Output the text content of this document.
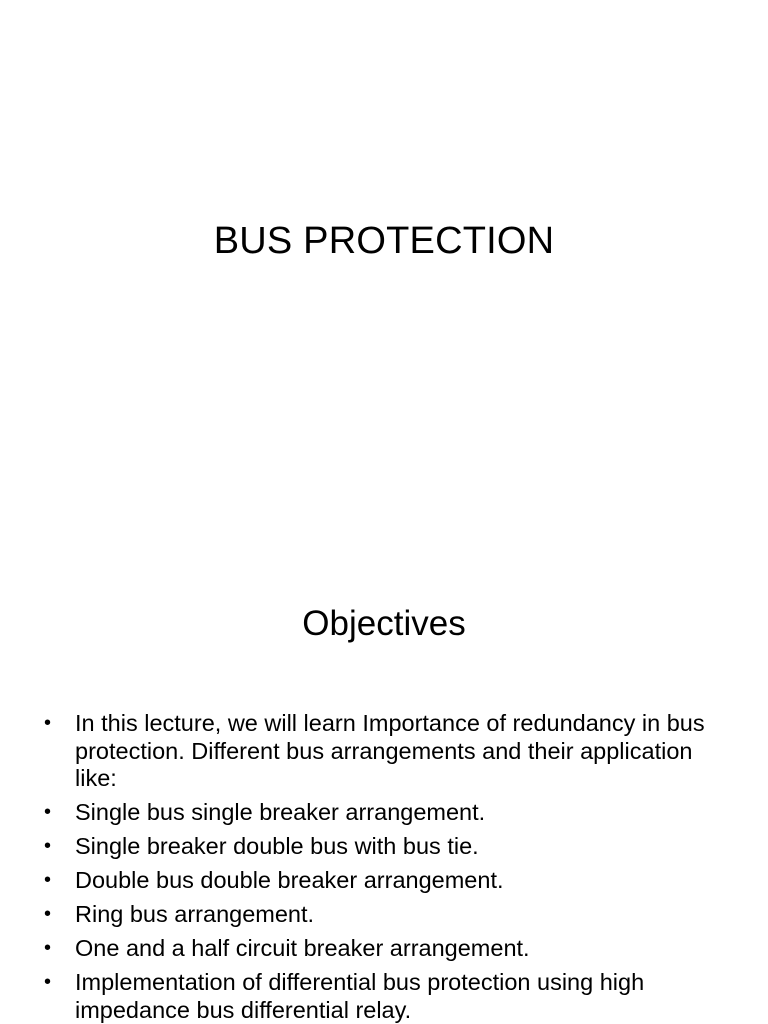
BUS PROTECTION
Objectives
• In this lecture, we will learn Importance of redundancy in bus protection. Different bus arrangements and their application like:
• Single bus single breaker arrangement.
• Single breaker double bus with bus tie.
• Double bus double breaker arrangement.
• Ring bus arrangement.
• One and a half circuit breaker arrangement.
• Implementation of differential bus protection using high impedance bus differential relay.
